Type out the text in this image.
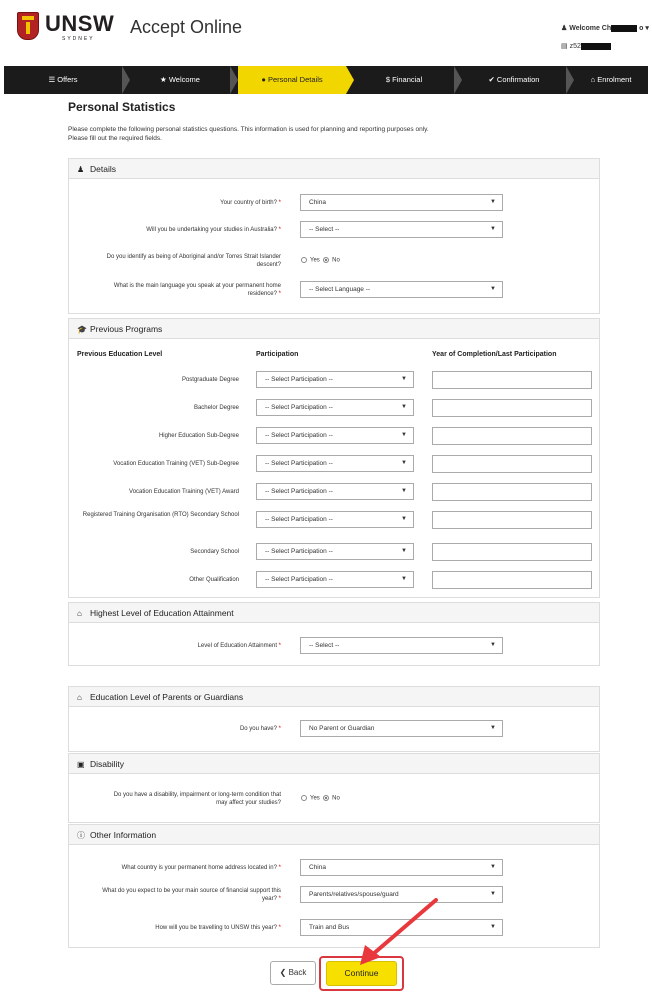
UNSW
SYDNEY
Accept Online	♟ Welcome Ch	o ▾
▤ z52
☰ Offers	★ Welcome	● Personal Details	$ Financial	✔ Confirmation	⌂ Enrolment
Personal Statistics
Please complete the following personal statistics questions. This information is used for planning and reporting purposes only.
Please fill out the required fields.
♟ Details
Your country of birth? *	China	▼
Will you be undertaking your studies in Australia? *	-- Select --	▼
Do you identify as being of Aboriginal and/or Torres Strait Islander
descent?
Yes No
What is the main language you speak at your permanent home
residence? *
-- Select Language --	▼
🎓 Previous Programs
Previous Education Level	Participation	Year of Completion/Last Participation
Postgraduate Degree	-- Select Participation --	▼
Bachelor Degree	-- Select Participation --	▼
Higher Education Sub-Degree	-- Select Participation --	▼
Vocation Education Training (VET) Sub-Degree	-- Select Participation --	▼
Vocation Education Training (VET) Award	-- Select Participation --	▼
Registered Training Organisation (RTO) Secondary School
-- Select Participation --	▼
Secondary School	-- Select Participation --	▼
Other Qualification	-- Select Participation --	▼
⌂ Highest Level of Education Attainment
Level of Education Attainment *	-- Select --	▼
⌂ Education Level of Parents or Guardians
Do you have? *	No Parent or Guardian	▼
▣ Disability
Do you have a disability, impairment or long-term condition that
may affect your studies?
Yes No
ⓘ Other Information
What country is your permanent home address located in? *	China	▼
What do you expect to be your main source of financial support this
year? *
Parents/relatives/spouse/guard	▼
How will you be travelling to UNSW this year? *	Train and Bus	▼
❮ Back	Continue
